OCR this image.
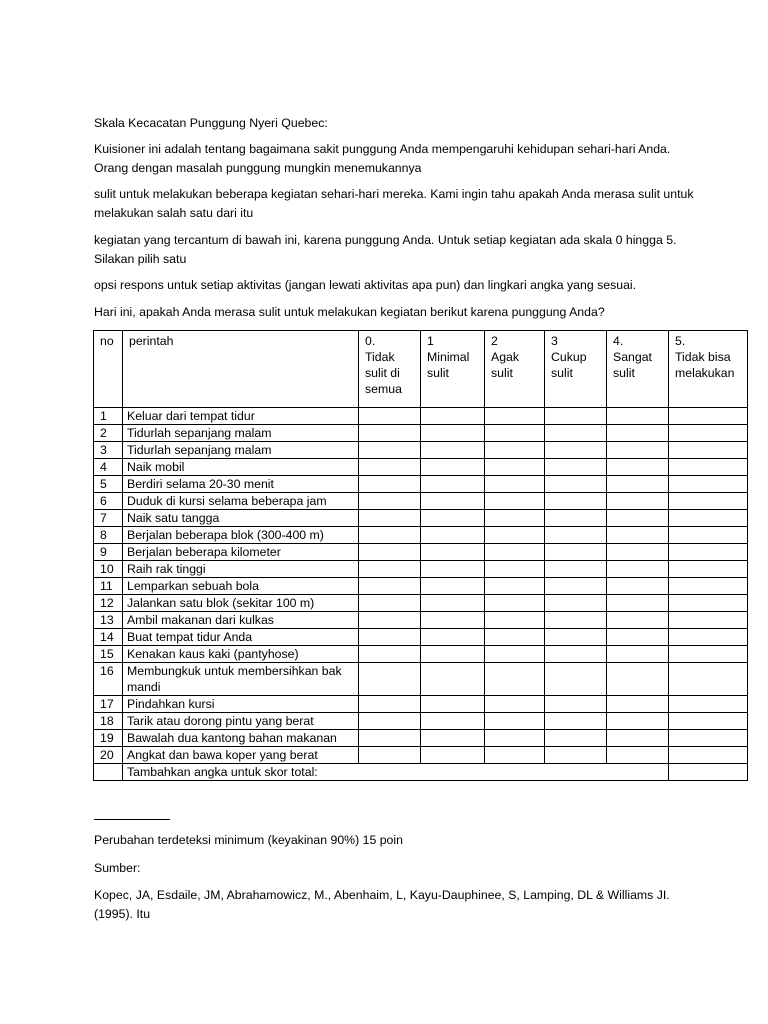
Skala Kecacatan Punggung Nyeri Quebec:

Kuisioner ini adalah tentang bagaimana sakit punggung Anda mempengaruhi kehidupan sehari-hari Anda. Orang dengan masalah punggung mungkin menemukannya

sulit untuk melakukan beberapa kegiatan sehari-hari mereka. Kami ingin tahu apakah Anda merasa sulit untuk melakukan salah satu dari itu

kegiatan yang tercantum di bawah ini, karena punggung Anda. Untuk setiap kegiatan ada skala 0 hingga 5. Silakan pilih satu

opsi respons untuk setiap aktivitas (jangan lewati aktivitas apa pun) dan lingkari angka yang sesuai.

Hari ini, apakah Anda merasa sulit untuk melakukan kegiatan berikut karena punggung Anda?

no	perintah	0.
Tidak
sulit di
semua	1
Minimal
sulit	2
Agak
sulit	3
Cukup
sulit	4.
Sangat
sulit	5.
Tidak bisa
melakukan

1	Keluar dari tempat tidur						
2	Tidurlah sepanjang malam						
3	Tidurlah sepanjang malam						
4	Naik mobil						
5	Berdiri selama 20-30 menit						
6	Duduk di kursi selama beberapa jam						
7	Naik satu tangga						
8	Berjalan beberapa blok (300-400 m)						
9	Berjalan beberapa kilometer						
10	Raih rak tinggi						
11	Lemparkan sebuah bola						
12	Jalankan satu blok (sekitar 100 m)						
13	Ambil makanan dari kulkas						
14	Buat tempat tidur Anda						
15	Kenakan kaus kaki (pantyhose)						
16	Membungkuk untuk membersihkan bak mandi						
17	Pindahkan kursi						
18	Tarik atau dorong pintu yang berat						
19	Bawalah dua kantong bahan makanan						
20	Angkat dan bawa koper yang berat						
	Tambahkan angka untuk skor total:						

Perubahan terdeteksi minimum (keyakinan 90%) 15 poin

Sumber:

Kopec, JA, Esdaile, JM, Abrahamowicz, M., Abenhaim, L, Kayu-Dauphinee, S, Lamping, DL & Williams JI. (1995). Itu
